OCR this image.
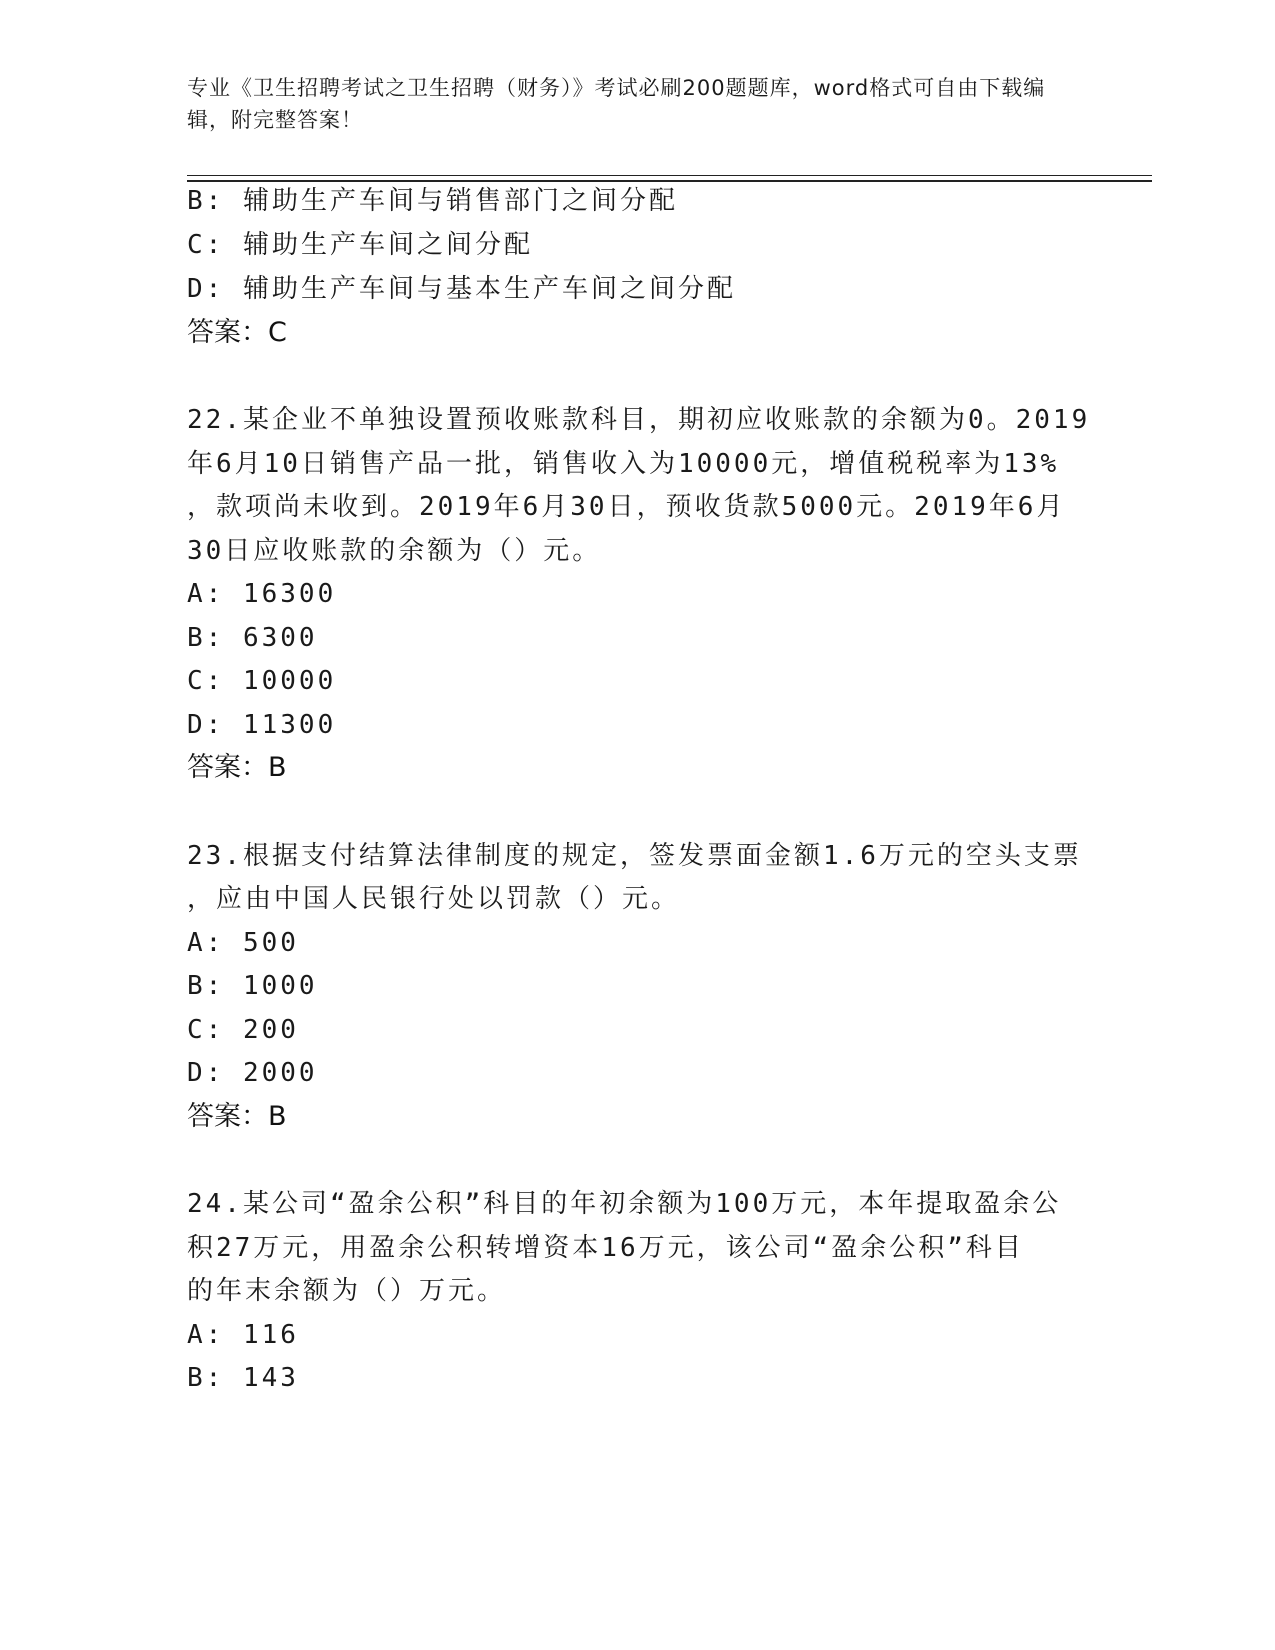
专业《卫生招聘考试之卫生招聘（财务）》考试必刷200题题库，word格式可自由下载编辑，附完整答案！
B: 辅助生产车间与销售部门之间分配
C: 辅助生产车间之间分配
D: 辅助生产车间与基本生产车间之间分配
答案：C
22.某企业不单独设置预收账款科目，期初应收账款的余额为0。2019
年6月10日销售产品一批，销售收入为10000元，增值税税率为13%
，款项尚未收到。2019年6月30日，预收货款5000元。2019年6月
30日应收账款的余额为（）元。
A: 16300
B: 6300
C: 10000
D: 11300
答案：B
23.根据支付结算法律制度的规定，签发票面金额1.6万元的空头支票
，应由中国人民银行处以罚款（）元。
A: 500
B: 1000
C: 200
D: 2000
答案：B
24.某公司“盈余公积”科目的年初余额为100万元，本年提取盈余公
积27万元，用盈余公积转增资本16万元，该公司“盈余公积”科目
的年末余额为（）万元。
A: 116
B: 143
